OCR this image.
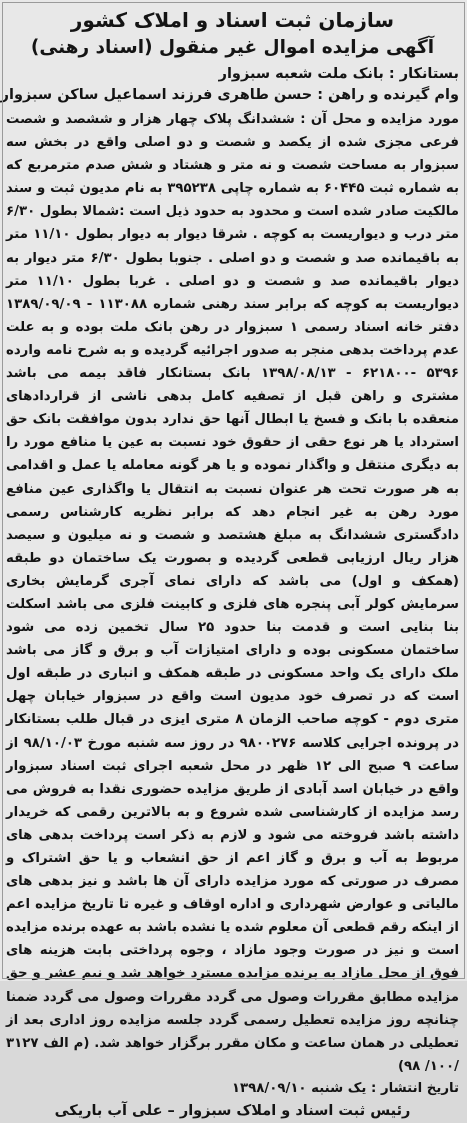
سازمان ثبت اسناد و املاک کشور
آگهی مزایده اموال غیر منقول (اسناد رهنی)

بستانکار : بانک ملت شعبه سبزوار

وام گیرنده و راهن : حسن طاهری فرزند اسماعیل ساکن سبزوار

مورد مزایده و محل آن : ششدانگ پلاک چهار هزار و ششصد و شصت فرعی مجزی شده از یکصد و شصت و دو اصلی واقع در بخش سه سبزوار به مساحت شصت و نه متر و هشتاد و شش صدم مترمربع که به شماره ثبت ۶۰۴۴۵ به شماره چاپی ۳۹۵۲۳۸ به نام مدیون ثبت و سند مالکیت صادر شده است و محدود به حدود ذیل است :شمالا بطول ۶/۳۰ متر درب و دیواریست به کوچه . شرقا دیوار به دیوار بطول ۱۱/۱۰ متر به باقیمانده صد و شصت و دو اصلی . جنوبا بطول ۶/۳۰ متر دیوار به دیوار باقیمانده صد و شصت و دو اصلی . غربا بطول ۱۱/۱۰ متر دیواریست به کوچه که برابر سند رهنی شماره ۱۱۳۰۸۸ - ۱۳۸۹/۰۹/۰۹ دفتر خانه اسناد رسمی ۱ سبزوار در رهن بانک ملت بوده و به علت عدم پرداخت بدهی منجر به صدور اجرائیه گردیده و به شرح نامه وارده ۵۳۹۶ -۶۲۱۸۰۰ - ۱۳۹۸/۰۸/۱۳ بانک بستانکار فاقد بیمه می باشد مشتری و راهن قبل از تصفیه کامل بدهی ناشی از قراردادهای منعقده با بانک و فسخ یا ابطال آنها حق ندارد بدون موافقت بانک حق استرداد یا هر نوع حقی از حقوق خود نسبت به عین یا منافع مورد را به دیگری منتقل و واگذار نموده و یا هر گونه معامله یا عمل و اقدامی به هر صورت تحت هر عنوان نسبت به انتقال یا واگذاری عین منافع مورد رهن به غیر انجام دهد که برابر نظریه کارشناس رسمی دادگستری ششدانگ به مبلغ هشتصد و شصت و نه میلیون و سیصد هزار ریال ارزیابی قطعی گردیده و بصورت یک ساختمان دو طبقه (همکف و اول) می باشد که دارای نمای آجری گرمایش بخاری سرمایش کولر آبی پنجره های فلزی و کابینت فلزی می باشد اسکلت بنا بنایی است و قدمت بنا حدود ۲۵ سال تخمین زده می شود ساختمان مسکونی بوده و دارای امتیازات آب و برق و گاز می باشد ملک دارای یک واحد مسکونی در طبقه همکف و انباری در طبقه اول است که در تصرف خود مدیون است واقع در سبزوار خیابان چهل متری دوم - کوچه صاحب الزمان ۸ متری ایزی در قبال طلب بستانکار در پرونده اجرایی کلاسه ۹۸۰۰۲۷۶ در روز سه شنبه مورخ ۹۸/۱۰/۰۳ از ساعت ۹ صبح الی ۱۲ ظهر در محل شعبه اجرای ثبت اسناد سبزوار واقع در خیابان اسد آبادی از طریق مزایده حضوری نقدا به فروش می رسد مزایده از کارشناسی شده شروع و به بالاترین رقمی که خریدار داشته باشد فروخته می شود و لازم به ذکر است پرداخت بدهی های مربوط به آب و برق و گاز اعم از حق انشعاب و یا حق اشتراک و مصرف در صورتی که مورد مزایده دارای آن ها باشد و نیز بدهی های مالیاتی و عوارض شهرداری و اداره اوقاف و غیره تا تاریخ مزایده اعم از اینکه رقم قطعی آن معلوم شده یا نشده باشد به عهده برنده مزایده است و نیز در صورت وجود مازاد ، وجوه پرداختی بابت هزینه های فوق از محل مازاد به برنده مزایده مسترد خواهد شد و نیم عشر و حق مزایده مطابق مقررات وصول می گردد مقررات وصول می گردد ضمنا چنانچه روز مزایده تعطیل رسمی گردد جلسه مزایده روز اداری بعد از تعطیلی در همان ساعت و مکان مقرر برگزار خواهد شد. (م الف ۳۱۲۷ /۱۰۰/ ۹۸)

تاریخ انتشار : یک شنبه ۱۳۹۸/۰۹/۱۰

رئیس ثبت اسناد و املاک سبزوار – علی آب باریکی
